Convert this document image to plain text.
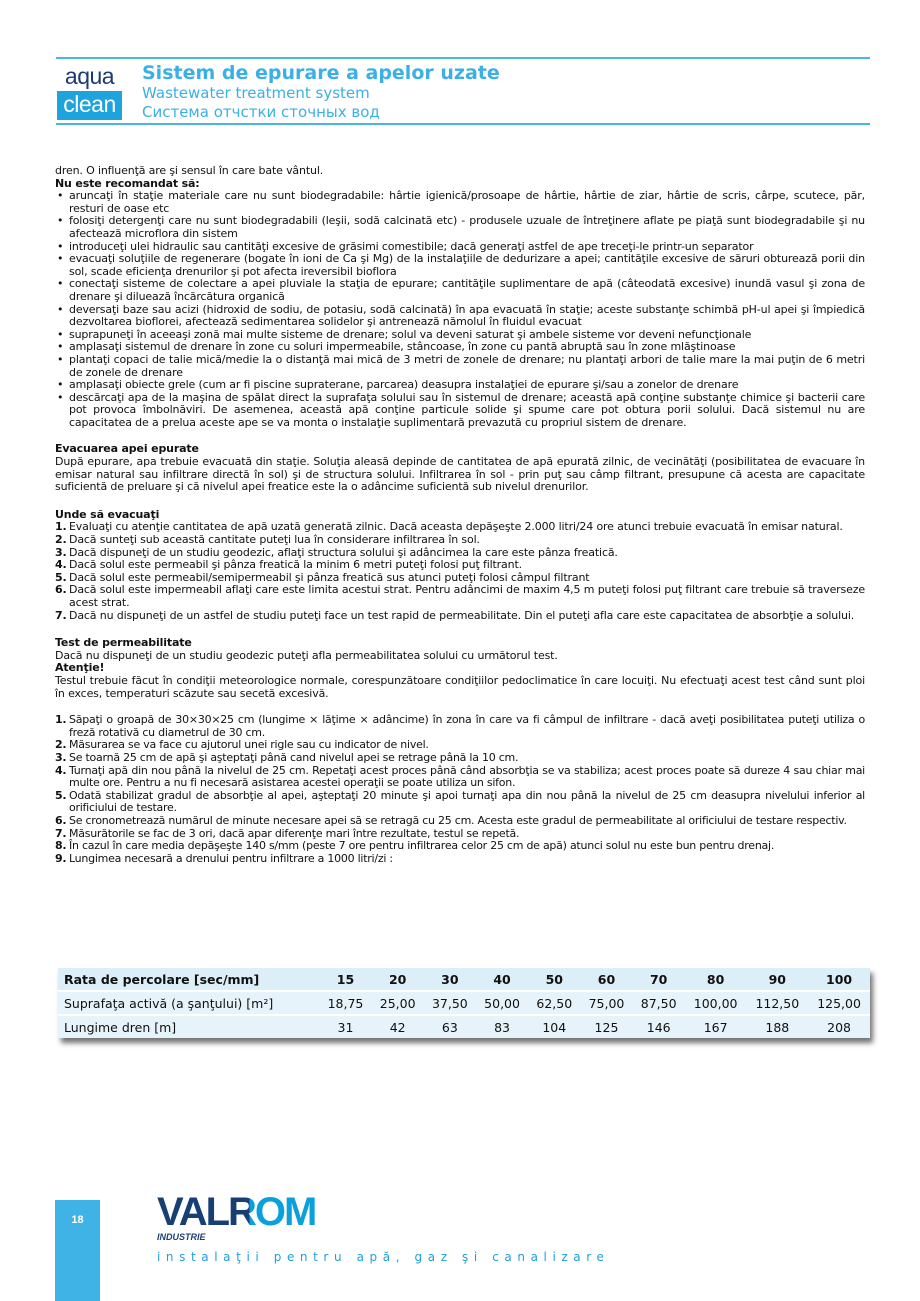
aqua
clean
Sistem de epurare a apelor uzate
Wastewater treatment system
Система отчстки сточных вод

dren. O influenţă are şi sensul în care bate vântul.

Nu este recomandat să:

• aruncaţi în staţie materiale care nu sunt biodegradabile: hârtie igienică/prosoape de hârtie, hârtie de ziar, hârtie de scris, cârpe, scutece, păr, resturi de oase etc
• folosiţi detergenţi care nu sunt biodegradabili (leşii, sodă calcinată etc) - produsele uzuale de întreţinere aflate pe piaţă sunt biodegradabile şi nu afectează microflora din sistem
• introduceţi ulei hidraulic sau cantităţi excesive de grăsimi comestibile; dacă generaţi astfel de ape treceţi-le printr-un separator
• evacuaţi soluţiile de regenerare (bogate în ioni de Ca şi Mg) de la instalaţiile de dedurizare a apei; cantităţile excesive de săruri obturează porii din sol, scade eficienţa drenurilor şi pot afecta ireversibil bioflora
• conectaţi sisteme de colectare a apei pluviale la staţia de epurare; cantităţile suplimentare de apă (câteodată excesive) inundă vasul şi zona de drenare şi diluează încărcătura organică
• deversaţi baze sau acizi (hidroxid de sodiu, de potasiu, sodă calcinată) în apa evacuată în staţie; aceste substanţe schimbă pH-ul apei şi împiedică dezvoltarea bioflorei, afectează sedimentarea solidelor şi antrenează nămolul în fluidul evacuat
• suprapuneţi în aceeaşi zonă mai multe sisteme de drenare; solul va deveni saturat şi ambele sisteme vor deveni nefuncţionale
• amplasaţi sistemul de drenare în zone cu soluri impermeabile, stâncoase, în zone cu pantă abruptă sau în zone mlăştinoase
• plantaţi copaci de talie mică/medie la o distanţă mai mică de 3 metri de zonele de drenare; nu plantaţi arbori de talie mare la mai puţin de 6 metri de zonele de drenare
• amplasaţi obiecte grele (cum ar fi piscine supraterane, parcarea) deasupra instalaţiei de epurare şi/sau a zonelor de drenare
• descărcaţi apa de la maşina de spălat direct la suprafaţa solului sau în sistemul de drenare; această apă conţine substanţe chimice şi bacterii care pot provoca îmbolnăviri. De asemenea, această apă conţine particule solide şi spume care pot obtura porii solului. Dacă sistemul nu are capacitatea de a prelua aceste ape se va monta o instalaţie suplimentară prevazută cu propriul sistem de drenare.

Evacuarea apei epurate

După epurare, apa trebuie evacuată din staţie. Soluţia aleasă depinde de cantitatea de apă epurată zilnic, de vecinătăţi (posibilitatea de evacuare în emisar natural sau infiltrare directă în sol) şi de structura solului. Infiltrarea în sol - prin puţ sau câmp filtrant, presupune că acesta are capacitate suficientă de preluare şi că nivelul apei freatice este la o adâncime suficientă sub nivelul drenurilor.

Unde să evacuaţi

1. Evaluaţi cu atenţie cantitatea de apă uzată generată zilnic. Dacă aceasta depăşeşte 2.000 litri/24 ore atunci trebuie evacuată în emisar natural.
2. Dacă sunteţi sub această cantitate puteţi lua în considerare infiltrarea în sol.
3. Dacă dispuneţi de un studiu geodezic, aflaţi structura solului şi adâncimea la care este pânza freatică.
4. Dacă solul este permeabil şi pânza freatică la minim 6 metri puteţi folosi puţ filtrant.
5. Dacă solul este permeabil/semipermeabil şi pânza freatică sus atunci puteţi folosi câmpul filtrant
6. Dacă solul este impermeabil aflaţi care este limita acestui strat. Pentru adâncimi de maxim 4,5 m puteţi folosi puţ filtrant care trebuie să traverseze acest strat.
7. Dacă nu dispuneţi de un astfel de studiu puteţi face un test rapid de permeabilitate. Din el puteţi afla care este capacitatea de absorbţie a solului.

Test de permeabilitate

Dacă nu dispuneţi de un studiu geodezic puteţi afla permeabilitatea solului cu următorul test.

Atenţie!

Testul trebuie făcut în condiţii meteorologice normale, corespunzătoare condiţiilor pedoclimatice în care locuiţi. Nu efectuaţi acest test când sunt ploi în exces, temperaturi scăzute sau secetă excesivă.

1. Săpaţi o groapă de 30×30×25 cm (lungime × lăţime × adâncime) în zona în care va fi câmpul de infiltrare - dacă aveţi posibilitatea puteţi utiliza o freză rotativă cu diametrul de 30 cm.
2. Măsurarea se va face cu ajutorul unei rigle sau cu indicator de nivel.
3. Se toarnă 25 cm de apă şi aşteptaţi până cand nivelul apei se retrage până la 10 cm.
4. Turnaţi apă din nou până la nivelul de 25 cm. Repetaţi acest proces până când absorbţia se va stabiliza; acest proces poate să dureze 4 sau chiar mai multe ore. Pentru a nu fi necesară asistarea acestei operaţii se poate utiliza un sifon.
5. Odată stabilizat gradul de absorbţie al apei, aşteptaţi 20 minute şi apoi turnaţi apa din nou până la nivelul de 25 cm deasupra nivelului inferior al orificiului de testare.
6. Se cronometrează numărul de minute necesare apei să se retragă cu 25 cm. Acesta este gradul de permeabilitate al orificiului de testare respectiv.
7. Măsurătorile se fac de 3 ori, dacă apar diferenţe mari între rezultate, testul se repetă.
8. În cazul în care media depăşeşte 140 s/mm (peste 7 ore pentru infiltrarea celor 25 cm de apă) atunci solul nu este bun pentru drenaj.
9. Lungimea necesară a drenului pentru infiltrare a 1000 litri/zi :
Rata de percolare [sec/mm]	15	20	30	40	50	60	70	80	90	100
Suprafaţa activă (a şanţului) [m²]	18,75	25,00	37,50	50,00	62,50	75,00	87,50	100,00	112,50	125,00
Lungime dren [m]	31	42	63	83	104	125	146	167	188	208
18	VALROM INDUSTRIE
instalaţii pentru apă, gaz şi canalizare
